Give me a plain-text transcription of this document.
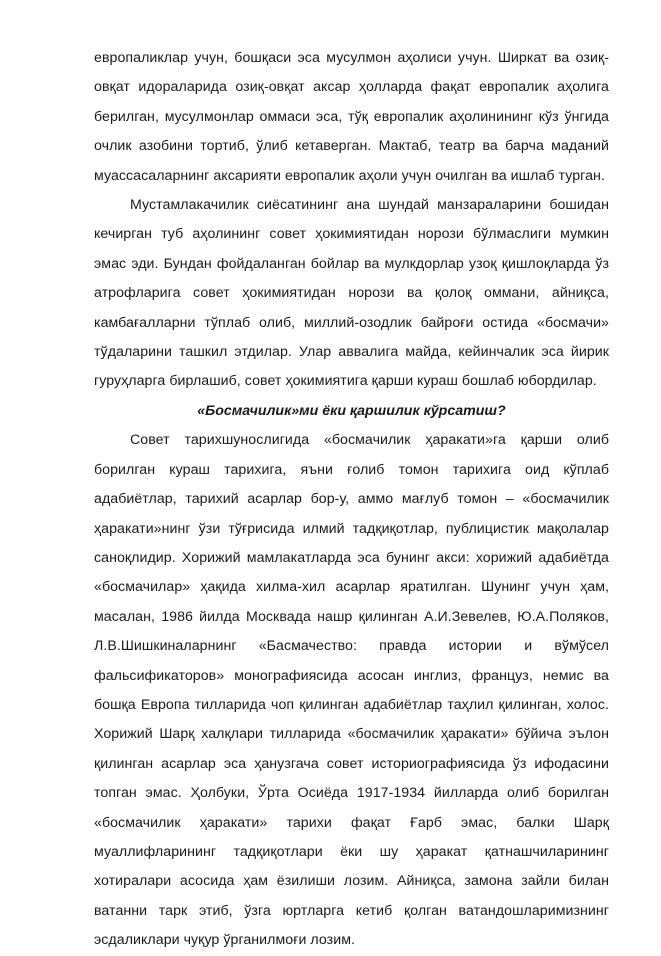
европаликлар учун, бошқаси эса мусулмон аҳолиси учун. Ширкат ва озиқ-овқат идораларида озиқ-овқат аксар ҳолларда фақат европалик аҳолига берилган, мусулмонлар оммаси эса, тўқ европалик аҳолинининг кўз ўнгида очлик азобини тортиб, ўлиб кетаверган. Мактаб, театр ва барча маданий муассасаларнинг аксарияти европалик аҳоли учун очилган ва ишлаб турган.

Мустамлакачилик сиёсатининг ана шундай манзараларини бошидан кечирган туб аҳолининг совет ҳокимиятидан норози бўлмаслиги мумкин эмас эди. Бундан фойдаланган бойлар ва мулкдорлар узоқ қишлоқларда ўз атрофларига совет ҳокимиятидан норози ва қолоқ оммани, айниқса, камбағалларни тўплаб олиб, миллий-озодлик байроғи остида «босмачи» тўдаларини ташкил этдилар. Улар аввалига майда, кейинчалик эса йирик гуруҳларга бирлашиб, совет ҳокимиятига қарши кураш бошлаб юбордилар.

«Босмачилик»ми ёки қаршилик кўрсатиш?

Совет тарихшунослигида «босмачилик ҳаракати»га қарши олиб борилган кураш тарихига, яъни ғолиб томон тарихига оид кўплаб адабиётлар, тарихий асарлар бор-у, аммо мағлуб томон – «босмачилик ҳаракати»нинг ўзи тўғрисида илмий тадқиқотлар, публицистик мақолалар саноқлидир. Хорижий мамлакатларда эса бунинг акси: хорижий адабиётда «босмачилар» ҳақида хилма-хил асарлар яратилган. Шунинг учун ҳам, масалан, 1986 йилда Москвада нашр қилинган А.И.Зевелев, Ю.А.Поляков, Л.В.Шишкиналарнинг «Басмачество: правда истории и вўмўсел фальсификаторов» монографиясида асосан инглиз, француз, немис ва бошқа Европа тилларида чоп қилинган адабиётлар таҳлил қилинган, холос. Хорижий Шарқ халқлари тилларида «босмачилик ҳаракати» бўйича эълон қилинган асарлар эса ҳанузгача совет историографиясида ўз ифодасини топган эмас. Ҳолбуки, Ўрта Осиёда 1917-1934 йилларда олиб борилган «босмачилик ҳаракати» тарихи фақат Ғарб эмас, балки Шарқ муаллифларининг тадқиқотлари ёки шу ҳаракат қатнашчиларининг хотиралари асосида ҳам ёзилиши лозим. Айниқса, замона зайли билан ватанни тарк этиб, ўзга юртларга кетиб қолган ватандошларимизнинг эсдаликлари чуқур ўрганилмоғи лозим.
